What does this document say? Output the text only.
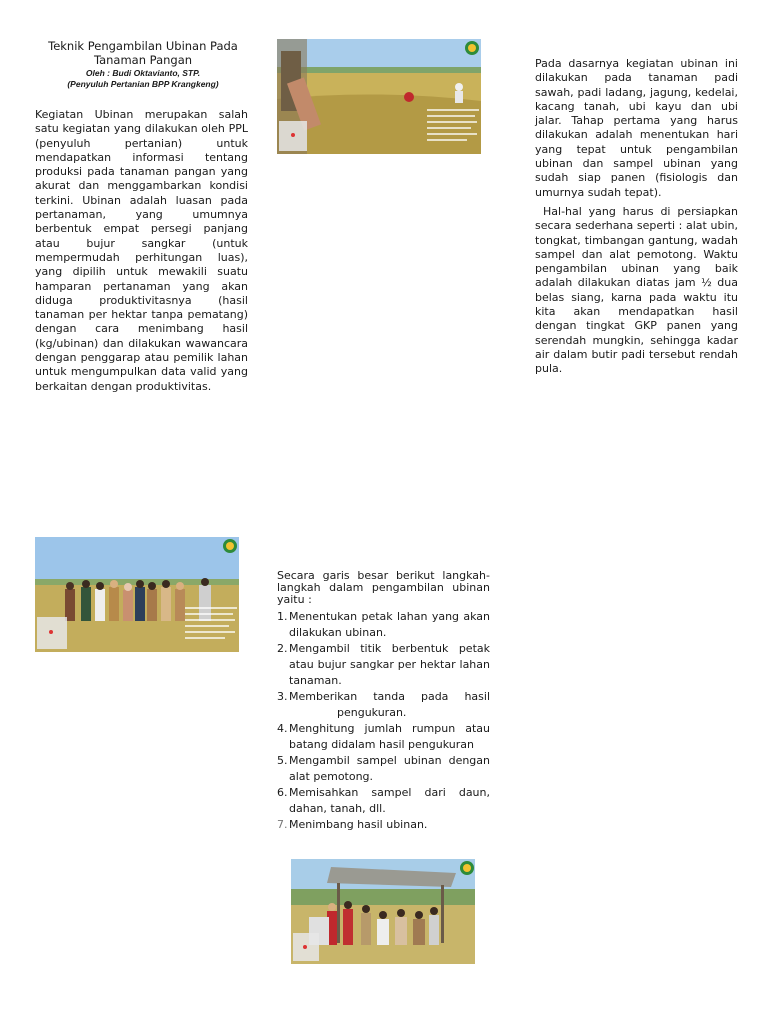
Teknik Pengambilan Ubinan Pada Tanaman Pangan
Oleh : Budi Oktavianto, STP.
(Penyuluh Pertanian BPP Krangkeng)
Kegiatan Ubinan merupakan salah satu kegiatan yang dilakukan oleh PPL (penyuluh pertanian) untuk mendapatkan informasi tentang produksi pada tanaman pangan yang akurat dan menggambarkan kondisi terkini. Ubinan adalah luasan pada pertanaman, yang umumnya berbentuk empat persegi panjang atau bujur sangkar (untuk mempermudah perhitungan luas), yang dipilih untuk mewakili suatu hamparan pertanaman yang akan diduga produktivitasnya (hasil tanaman per hektar tanpa pematang) dengan cara menimbang hasil (kg/ubinan) dan dilakukan wawancara dengan penggarap atau pemilik lahan untuk mengumpulkan data valid yang berkaitan dengan produktivitas.
Pada dasarnya kegiatan ubinan ini dilakukan pada tanaman padi sawah, padi ladang, jagung, kedelai, kacang tanah, ubi kayu dan ubi jalar. Tahap pertama yang harus dilakukan adalah menentukan hari yang tepat untuk pengambilan ubinan dan sampel ubinan yang sudah siap panen (fisiologis dan umurnya sudah tepat).
Hal-hal yang harus di persiapkan secara sederhana seperti : alat ubin, tongkat, timbangan gantung, wadah sampel dan alat pemotong. Waktu pengambilan ubinan yang baik adalah dilakukan diatas jam ½ dua belas siang, karna pada waktu itu kita akan mendapatkan hasil dengan tingkat GKP panen yang serendah mungkin, sehingga kadar air dalam butir padi tersebut rendah pula.
Secara garis besar berikut langkah-langkah dalam pengambilan ubinan yaitu :
1. Menentukan petak lahan yang akan dilakukan ubinan.
2. Mengambil titik berbentuk petak atau bujur sangkar per hektar lahan tanaman.
3. Memberikan tanda pada hasil
pengukuran.
4. Menghitung jumlah rumpun atau batang didalam hasil pengukuran
5. Mengambil sampel ubinan dengan alat pemotong.
6. Memisahkan sampel dari daun, dahan, tanah, dll.
7. Menimbang hasil ubinan.
